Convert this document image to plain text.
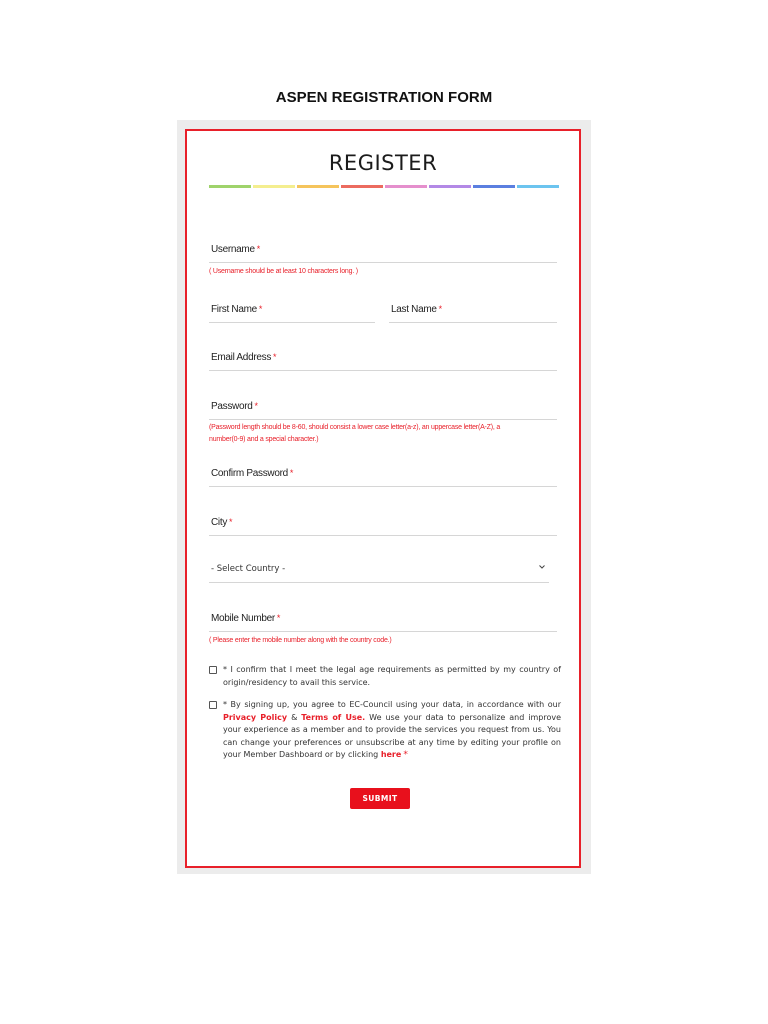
ASPEN REGISTRATION FORM
REGISTER
Username *
( Username should be at least 10 characters long. )
First Name *	Last Name *
Email Address *
Password *
(Password length should be 8-60, should consist a lower case letter(a-z), an uppercase letter(A-Z), a
number(0-9) and a special character.)
Confirm Password *
City *
- Select Country -
Mobile Number *
( Please enter the mobile number along with the country code.)
* I confirm that I meet the legal age requirements as permitted by my country of origin/residency to avail this service.
* By signing up, you agree to EC-Council using your data, in accordance with our Privacy Policy & Terms of Use. We use your data to personalize and improve your experience as a member and to provide the services you request from us. You can change your preferences or unsubscribe at any time by editing your profile on your Member Dashboard or by clicking here *
SUBMIT
